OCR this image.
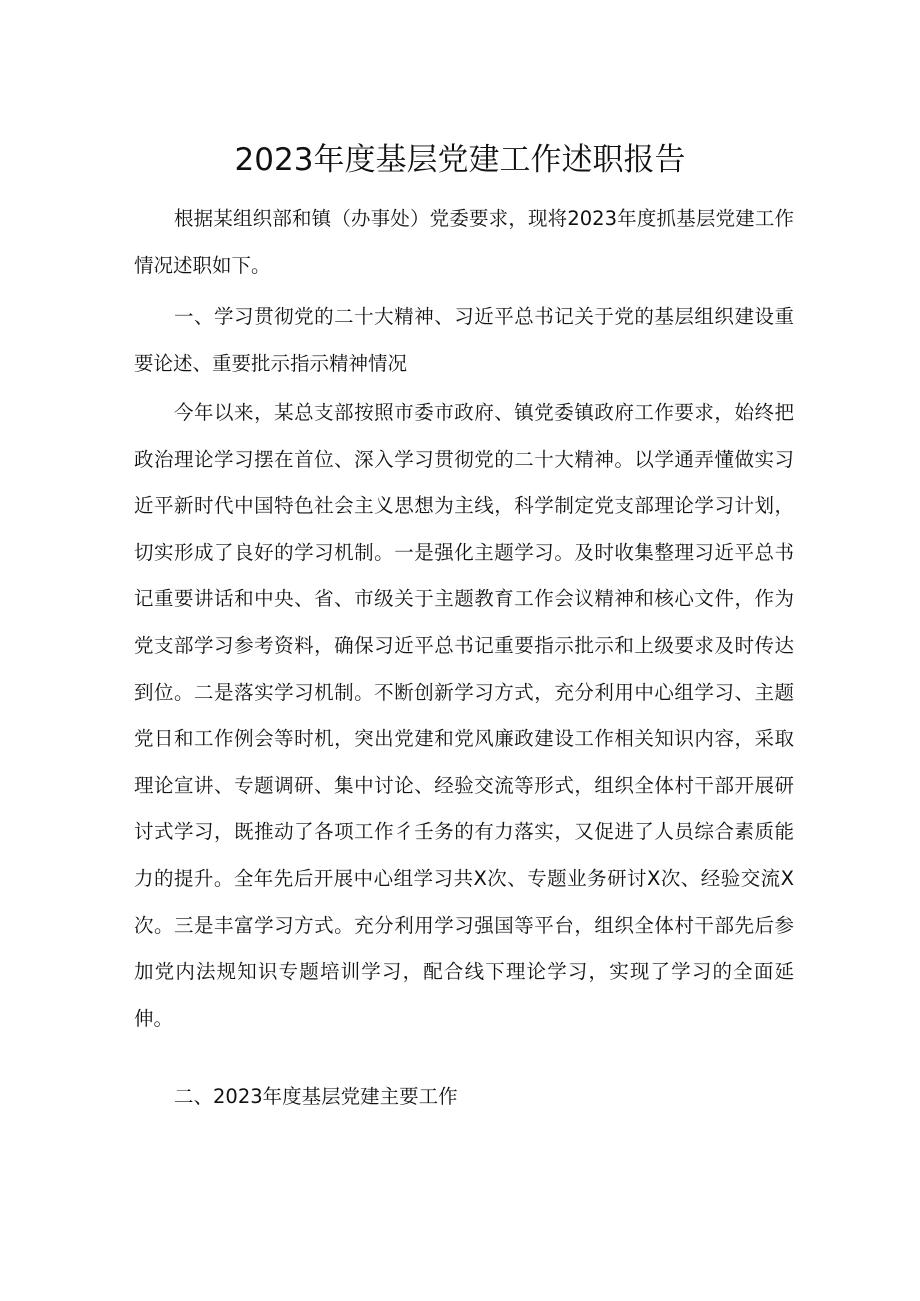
2023年度基层党建工作述职报告
根据某组织部和镇（办事处）党委要求，现将2023年度抓基层党建工作情况述职如下。
一、学习贯彻党的二十大精神、习近平总书记关于党的基层组织建设重要论述、重要批示指示精神情况
今年以来，某总支部按照市委市政府、镇党委镇政府工作要求，始终把政治理论学习摆在首位、深入学习贯彻党的二十大精神。以学通弄懂做实习近平新时代中国特色社会主义思想为主线，科学制定党支部理论学习计划，切实形成了良好的学习机制。一是强化主题学习。及时收集整理习近平总书记重要讲话和中央、省、市级关于主题教育工作会议精神和核心文件，作为党支部学习参考资料，确保习近平总书记重要指示批示和上级要求及时传达到位。二是落实学习机制。不断创新学习方式，充分利用中心组学习、主题党日和工作例会等时机，突出党建和党风廉政建设工作相关知识内容，采取理论宣讲、专题调研、集中讨论、经验交流等形式，组织全体村干部开展研讨式学习，既推动了各项工作彳壬务的有力落实，又促进了人员综合素质能力的提升。全年先后开展中心组学习共X次、专题业务研讨X次、经验交流X次。三是丰富学习方式。充分利用学习强国等平台，组织全体村干部先后参加党内法规知识专题培训学习，配合线下理论学习，实现了学习的全面延伸。
二、2023年度基层党建主要工作
